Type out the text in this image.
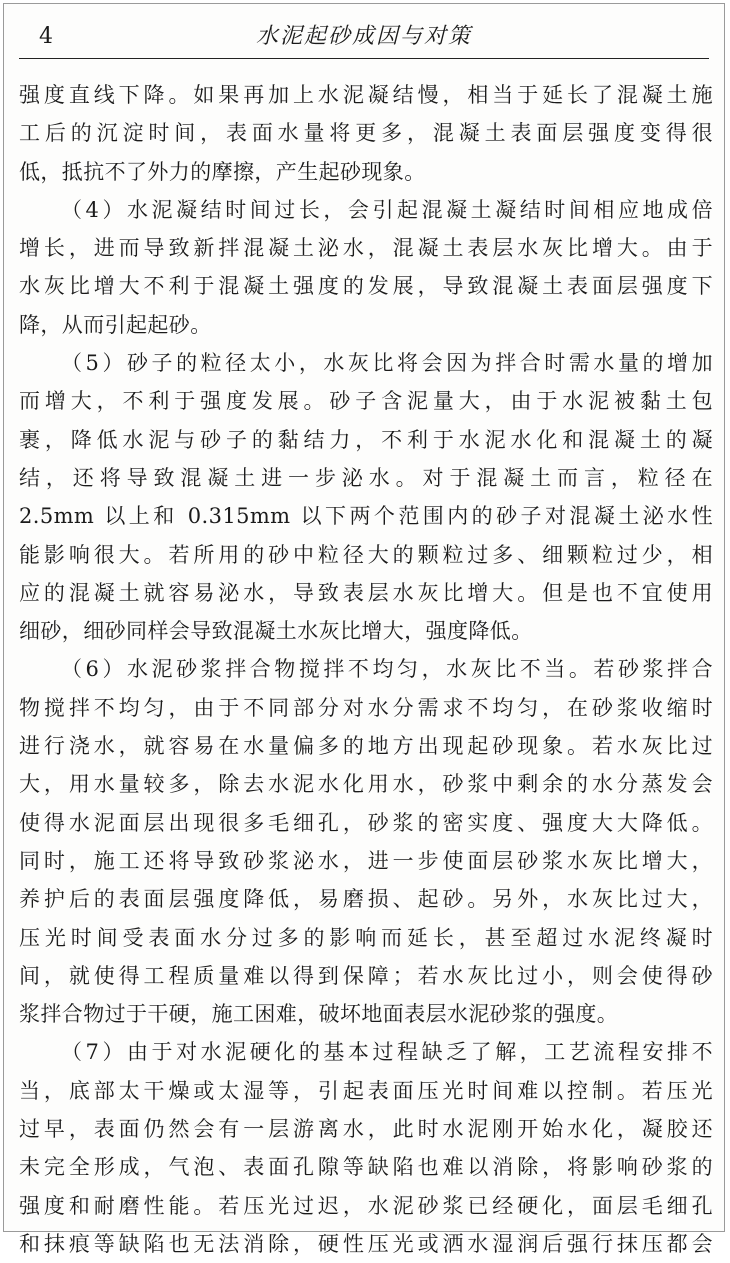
4	水泥起砂成因与对策
强度直线下降。如果再加上水泥凝结慢，相当于延长了混凝土施
工后的沉淀时间，表面水量将更多，混凝土表面层强度变得很
低，抵抗不了外力的摩擦，产生起砂现象。
（4）水泥凝结时间过长，会引起混凝土凝结时间相应地成倍
增长，进而导致新拌混凝土泌水，混凝土表层水灰比增大。由于
水灰比增大不利于混凝土强度的发展，导致混凝土表面层强度下
降，从而引起起砂。
（5）砂子的粒径太小，水灰比将会因为拌合时需水量的增加
而增大，不利于强度发展。砂子含泥量大，由于水泥被黏土包
裹，降低水泥与砂子的黏结力，不利于水泥水化和混凝土的凝
结，还将导致混凝土进一步泌水。对于混凝土而言，粒径在
2.5mm 以上和 0.315mm 以下两个范围内的砂子对混凝土泌水性
能影响很大。若所用的砂中粒径大的颗粒过多、细颗粒过少，相
应的混凝土就容易泌水，导致表层水灰比增大。但是也不宜使用
细砂，细砂同样会导致混凝土水灰比增大，强度降低。
（6）水泥砂浆拌合物搅拌不均匀，水灰比不当。若砂浆拌合
物搅拌不均匀，由于不同部分对水分需求不均匀，在砂浆收缩时
进行浇水，就容易在水量偏多的地方出现起砂现象。若水灰比过
大，用水量较多，除去水泥水化用水，砂浆中剩余的水分蒸发会
使得水泥面层出现很多毛细孔，砂浆的密实度、强度大大降低。
同时，施工还将导致砂浆泌水，进一步使面层砂浆水灰比增大，
养护后的表面层强度降低，易磨损、起砂。另外，水灰比过大，
压光时间受表面水分过多的影响而延长，甚至超过水泥终凝时
间，就使得工程质量难以得到保障；若水灰比过小，则会使得砂
浆拌合物过于干硬，施工困难，破坏地面表层水泥砂浆的强度。
（7）由于对水泥硬化的基本过程缺乏了解，工艺流程安排不
当，底部太干燥或太湿等，引起表面压光时间难以控制。若压光
过早，表面仍然会有一层游离水，此时水泥刚开始水化，凝胶还
未完全形成，气泡、表面孔隙等缺陷也难以消除，将影响砂浆的
强度和耐磨性能。若压光过迟，水泥砂浆已经硬化，面层毛细孔
和抹痕等缺陷也无法消除，硬性压光或洒水湿润后强行抹压都会
